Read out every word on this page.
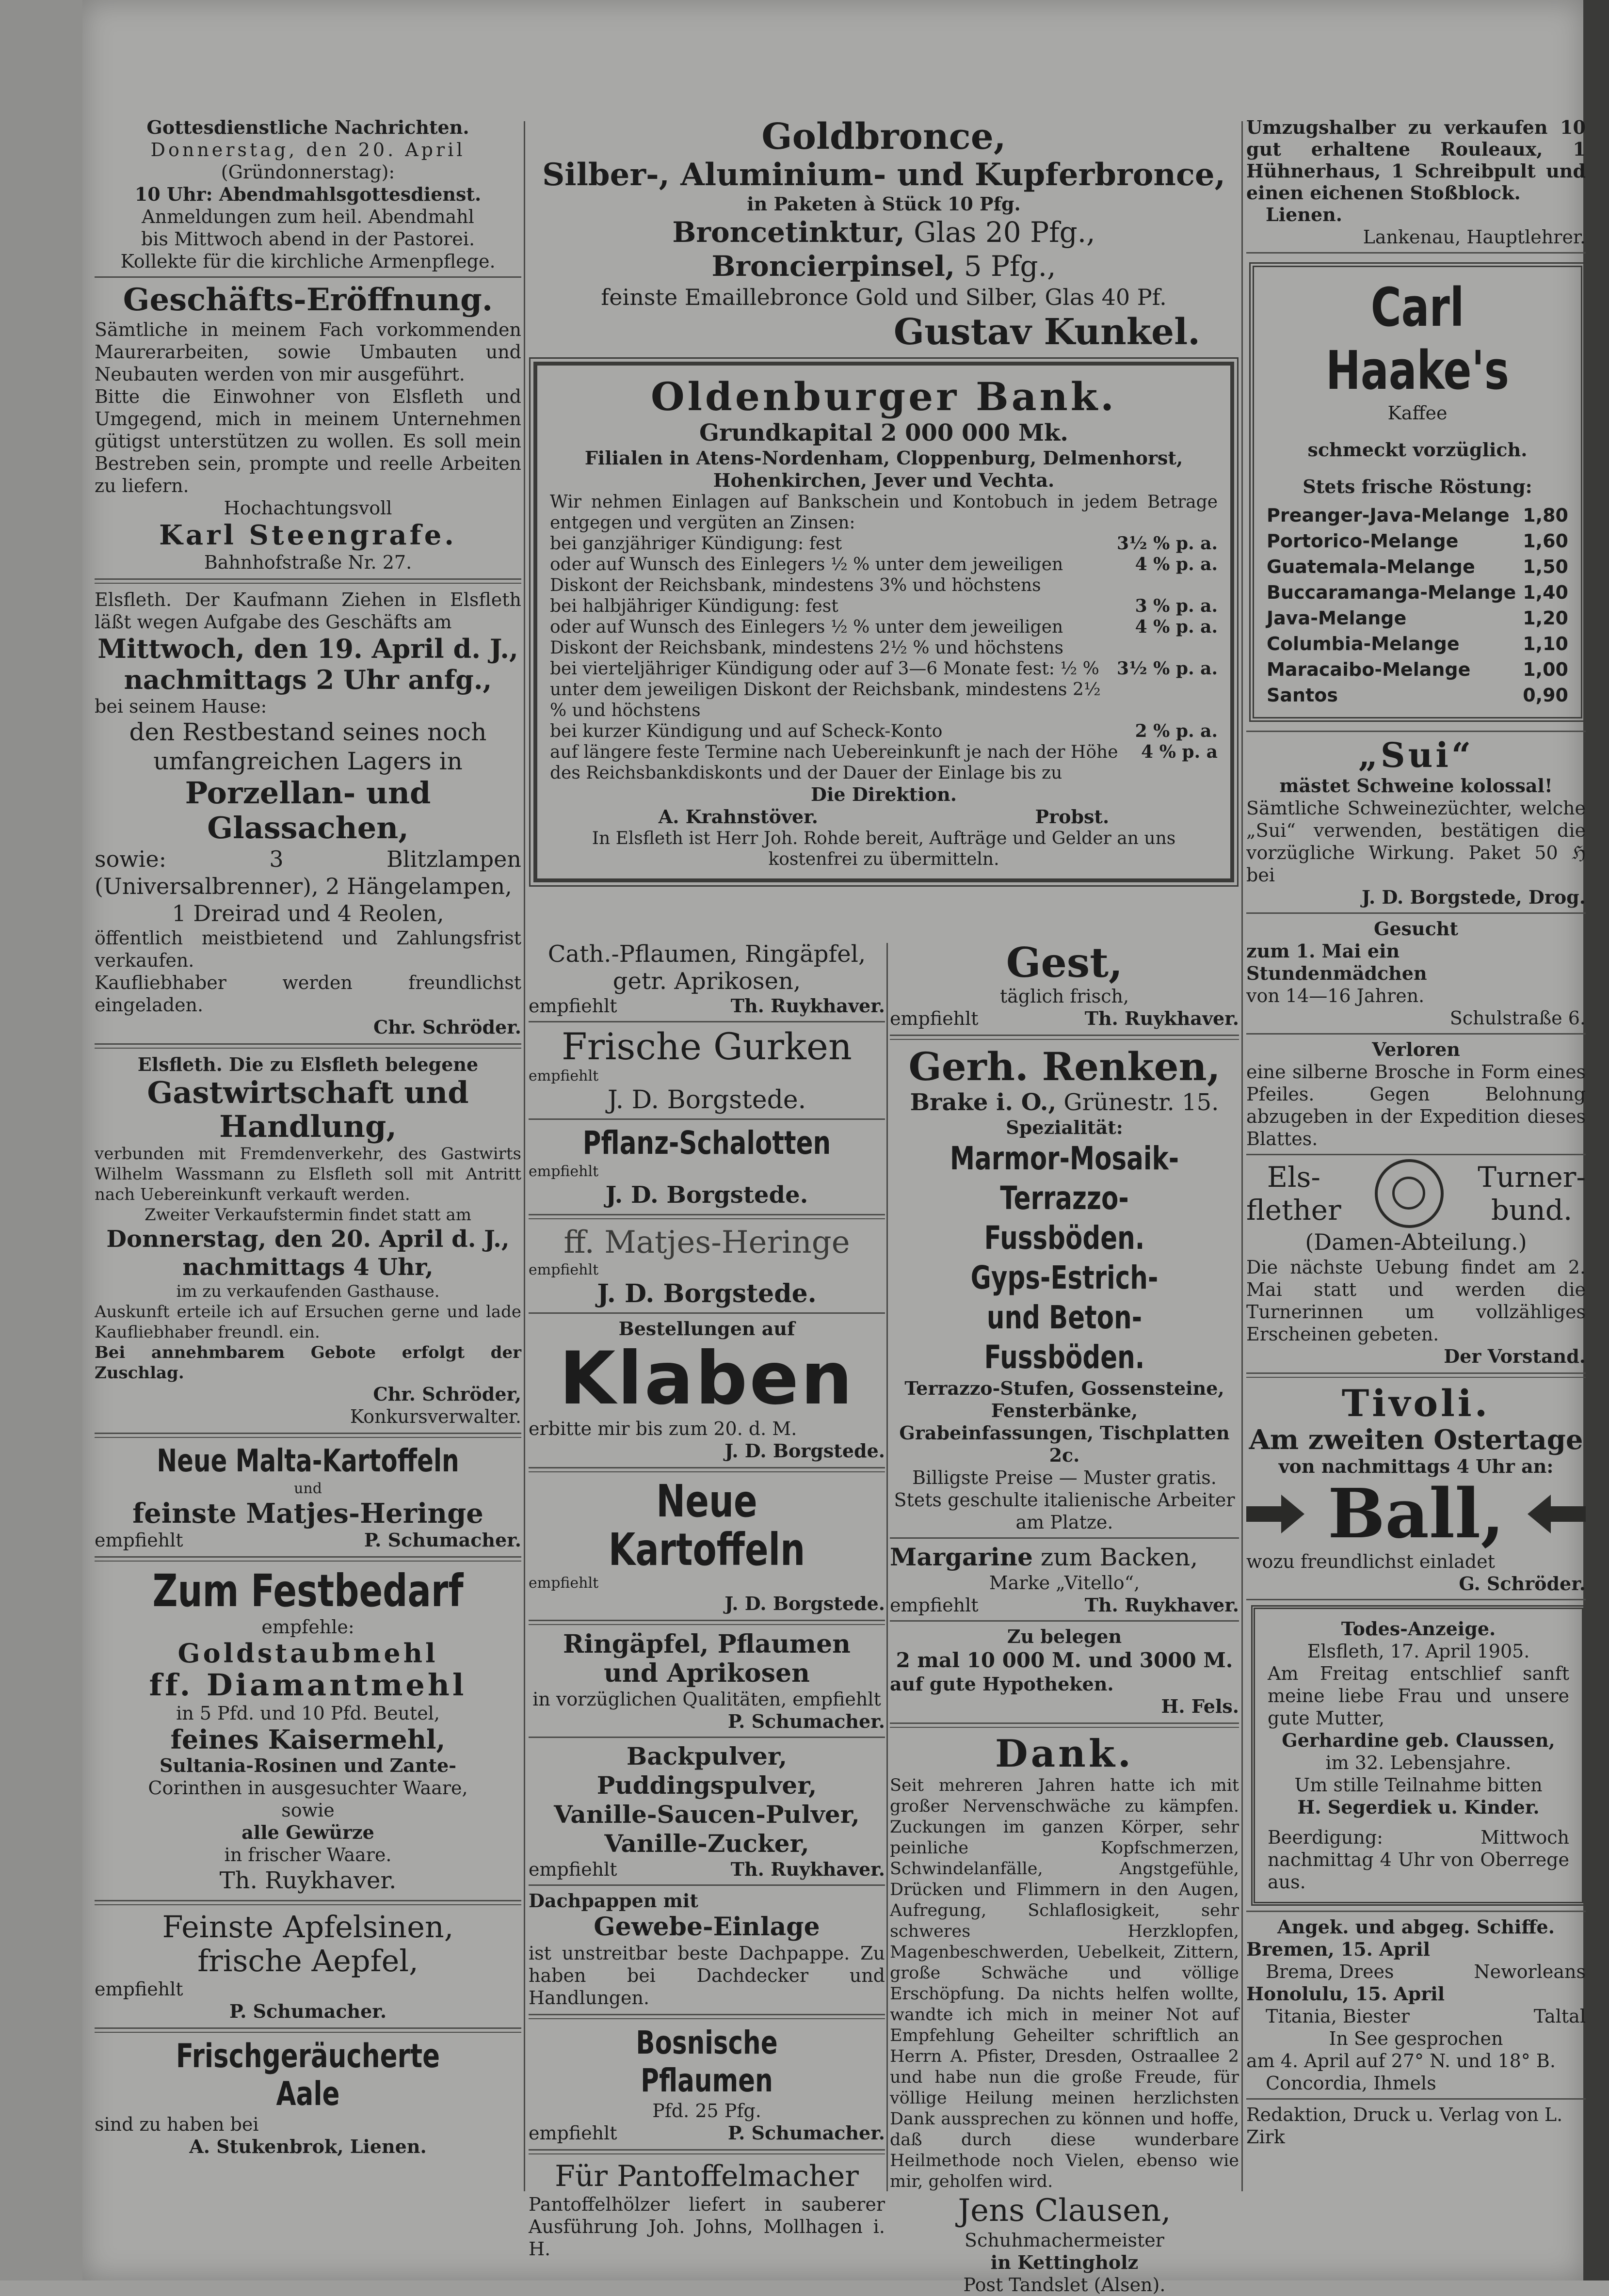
Gottesdienstliche Nachrichten.

Donnerstag, den 20. April

(Gründonnerstag):

10 Uhr: Abendmahlsgottesdienst.

Anmeldungen zum heil. Abendmahl

bis Mittwoch abend in der Pastorei.

Kollekte für die kirchliche Armenpflege.

Geschäfts-Eröffnung.

Sämtliche in meinem Fach vorkommenden Maurerarbeiten, sowie Umbauten und Neubauten werden von mir ausgeführt.

Bitte die Einwohner von Elsfleth und Umgegend, mich in meinem Unternehmen gütigst unterstützen zu wollen. Es soll mein Bestreben sein, prompte und reelle Arbeiten zu liefern.

Hochachtungsvoll

Karl Steengrafe.

Bahnhofstraße Nr. 27.

Elsfleth. Der Kaufmann Ziehen in Elsfleth läßt wegen Aufgabe des Geschäfts am

Mittwoch, den 19. April d. J.,

nachmittags 2 Uhr anfg.,

bei seinem Hause:

den Restbestand seines noch

umfangreichen Lagers in

Porzellan- und Glassachen,

sowie: 3 Blitzlampen (Universalbrenner), 2 Hängelampen,

1 Dreirad und 4 Reolen,

öffentlich meistbietend und Zahlungsfrist verkaufen.

Kaufliebhaber werden freundlichst eingeladen.

Chr. Schröder.

Elsfleth. Die zu Elsfleth belegene

Gastwirtschaft und

Handlung,

verbunden mit Fremdenverkehr, des Gastwirts Wilhelm Wassmann zu Elsfleth soll mit Antritt nach Uebereinkunft verkauft werden.

Zweiter Verkaufstermin findet statt am

Donnerstag, den 20. April d. J.,

nachmittags 4 Uhr,

im zu verkaufenden Gasthause.

Auskunft erteile ich auf Ersuchen gerne und lade Kaufliebhaber freundl. ein.

Bei annehmbarem Gebote erfolgt der Zuschlag.

Chr. Schröder,

Konkursverwalter.

Neue Malta-Kartoffeln

und

feinste Matjes-Heringe

empfiehlt	P. Schumacher.

Zum Festbedarf

empfehle:

Goldstaubmehl

ff. Diamantmehl

in 5 Pfd. und 10 Pfd. Beutel,

feines Kaisermehl,

Sultania-Rosinen und Zante-

Corinthen in ausgesuchter Waare,

sowie

alle Gewürze

in frischer Waare.

Th. Ruykhaver.

Feinste Apfelsinen,

frische Aepfel,

empfiehlt

P. Schumacher.

Frischgeräucherte Aale

sind zu haben bei

A. Stukenbrok, Lienen.

Goldbronce,

Silber-, Aluminium- und Kupferbronce,

in Paketen à Stück 10 Pfg.

Broncetinktur, Glas 20 Pfg.,

Broncierpinsel, 5 Pfg.,

feinste Emaillebronce Gold und Silber, Glas 40 Pf.

Gustav Kunkel.

Oldenburger Bank.

Grundkapital 2 000 000 Mk.

Filialen in Atens-Nordenham, Cloppenburg, Delmenhorst, Hohenkirchen, Jever und Vechta.

Wir nehmen Einlagen auf Bankschein und Kontobuch in jedem Betrage entgegen und vergüten an Zinsen:

bei ganzjähriger Kündigung: fest	3½ % p. a.
oder auf Wunsch des Einlegers ½ % unter dem jeweiligen Diskont der Reichsbank, mindestens 3% und höchstens
4 % p. a.
bei halbjähriger Kündigung: fest	3 % p. a.
oder auf Wunsch des Einlegers ½ % unter dem jeweiligen Diskont der Reichsbank, mindestens 2½ % und höchstens
4 % p. a.
bei vierteljähriger Kündigung oder auf 3—6 Monate fest: ½ % unter dem jeweiligen Diskont der Reichsbank, mindestens 2½ % und höchstens
3½ % p. a.
bei kurzer Kündigung und auf Scheck-Konto	2 % p. a.
auf längere feste Termine nach Uebereinkunft je nach der Höhe des Reichsbankdiskonts und der Dauer der Einlage bis zu
4 % p. a

Die Direktion.

A. Krahnstöver.	Probst.

In Elsfleth ist Herr Joh. Rohde bereit, Aufträge und Gelder an uns kostenfrei zu übermitteln.

Cath.-Pflaumen, Ringäpfel,

getr. Aprikosen,

empfiehlt	Th. Ruykhaver.

Frische Gurken

empfiehlt

J. D. Borgstede.

Pflanz-Schalotten

empfiehlt

J. D. Borgstede.

ff. Matjes-Heringe

empfiehlt

J. D. Borgstede.

Bestellungen auf

Klaben

erbitte mir bis zum 20. d. M.

J. D. Borgstede.

Neue Kartoffeln

empfiehlt

J. D. Borgstede.

Ringäpfel, Pflaumen

und Aprikosen

in vorzüglichen Qualitäten, empfiehlt

P. Schumacher.

Backpulver,

Puddingspulver,

Vanille-Saucen-Pulver,

Vanille-Zucker,

empfiehlt	Th. Ruykhaver.

Dachpappen mit

Gewebe-Einlage

ist unstreitbar beste Dachpappe. Zu haben bei Dachdecker und Handlungen.

Bosnische Pflaumen

Pfd. 25 Pfg.

empfiehlt	P. Schumacher.

Für Pantoffelmacher

Pantoffelhölzer liefert in sauberer Ausführung Joh. Johns, Mollhagen i. H.

Gest,

täglich frisch,

empfiehlt	Th. Ruykhaver.

Gerh. Renken,

Brake i. O., Grünestr. 15.

Spezialität:

Marmor-Mosaik-

Terrazzo-Fussböden.

Gyps-Estrich-

und Beton-Fussböden.

Terrazzo-Stufen, Gossensteine, Fensterbänke,

Grabeinfassungen, Tischplatten 2c.

Billigste Preise — Muster gratis.

Stets geschulte italienische Arbeiter am Platze.

Margarine zum Backen,

Marke „Vitello“,

empfiehlt	Th. Ruykhaver.

Zu belegen

2 mal 10 000 M. und 3000 M.

auf gute Hypotheken.

H. Fels.

Dank.

Seit mehreren Jahren hatte ich mit großer Nervenschwäche zu kämpfen. Zuckungen im ganzen Körper, sehr peinliche Kopfschmerzen, Schwindelanfälle, Angstgefühle, Drücken und Flimmern in den Augen, Aufregung, Schlaflosigkeit, sehr schweres Herzklopfen, Magenbeschwerden, Uebelkeit, Zittern, große Schwäche und völlige Erschöpfung. Da nichts helfen wollte, wandte ich mich in meiner Not auf Empfehlung Geheilter schriftlich an Herrn A. Pfister, Dresden, Ostraallee 2 und habe nun die große Freude, für völlige Heilung meinen herzlichsten Dank aussprechen zu können und hoffe, daß durch diese wunderbare Heilmethode noch Vielen, ebenso wie mir, geholfen wird.

Jens Clausen,

Schuhmachermeister

in Kettingholz

Post Tandslet (Alsen).

Umzugshalber zu verkaufen 10 gut erhaltene Rouleaux, 1 Hühnerhaus, 1 Schreibpult und einen eichenen Stoßblock.

Lienen.

Lankenau, Hauptlehrer.

Carl Haake's

Kaffee

schmeckt vorzüglich.

Stets frische Röstung:

Preanger-Java-Melange 1,80
Portorico-Melange	1,60
Guatemala-Melange	1,50
Buccaramanga-Melange 1,40
Java-Melange	1,20
Columbia-Melange	1,10
Maracaibo-Melange	1,00
Santos	0,90

„Sui“

mästet Schweine kolossal!

Sämtliche Schweinezüchter, welche „Sui“ verwenden, bestätigen die vorzügliche Wirkung. Paket 50 ℌ bei

J. D. Borgstede, Drog.

Gesucht

zum 1. Mai ein Stundenmädchen

von 14—16 Jahren.

Schulstraße 6.

Verloren

eine silberne Brosche in Form eines Pfeiles. Gegen Belohnung abzugeben in der Expedition dieses Blattes.

Els-

flether

Turner-

bund.

(Damen-Abteilung.)

Die nächste Uebung findet am 2. Mai statt und werden die Turnerinnen um vollzähliges Erscheinen gebeten.

Der Vorstand.

Tivoli.

Am zweiten Ostertage

von nachmittags 4 Uhr an:

Ball,

wozu freundlichst einladet

G. Schröder.

Todes-Anzeige.

Elsfleth, 17. April 1905.

Am Freitag entschlief sanft meine liebe Frau und unsere gute Mutter,

Gerhardine geb. Claussen,

im 32. Lebensjahre.

Um stille Teilnahme bitten

H. Segerdiek u. Kinder.

Beerdigung: Mittwoch nachmittag 4 Uhr von Oberrege aus.

Angek. und abgeg. Schiffe.

Bremen, 15. April

Brema, Drees	Neworleans

Honolulu, 15. April

Titania, Biester	Taltal

In See gesprochen

am 4. April auf 27° N. und 18° B.

Concordia, Ihmels

Redaktion, Druck u. Verlag von L. Zirk
